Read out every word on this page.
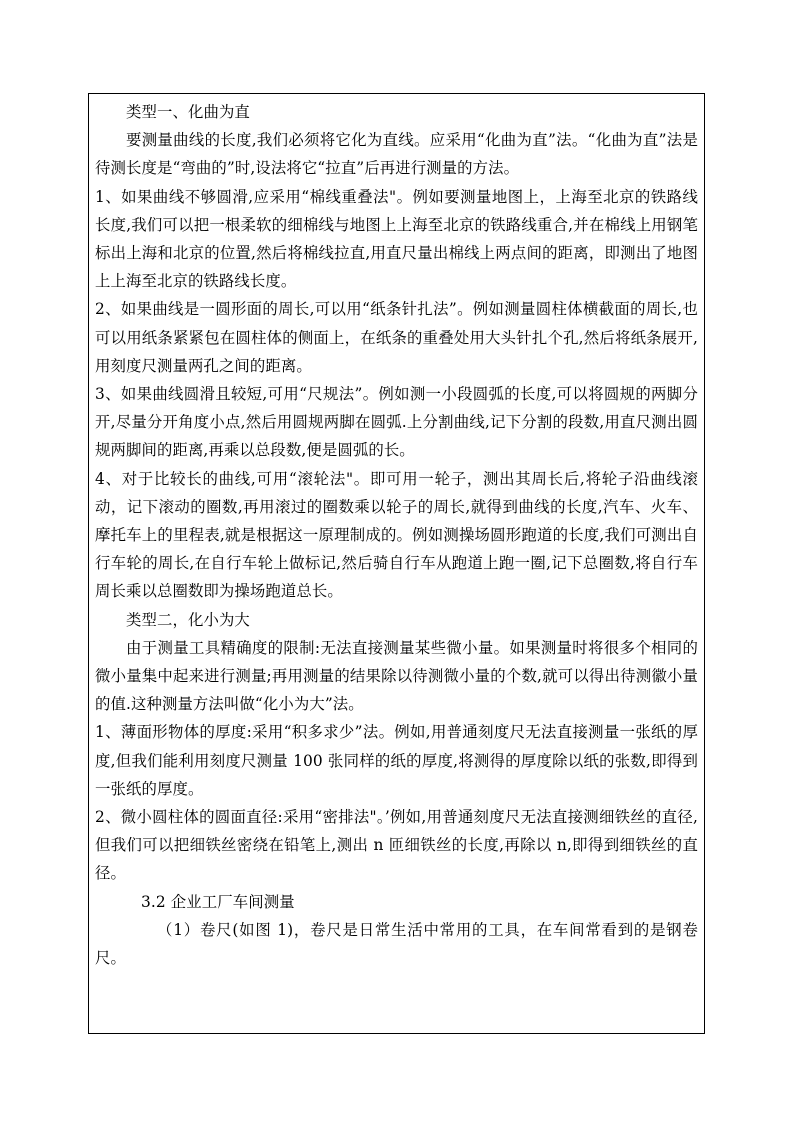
类型一、化曲为直

要测量曲线的长度,我们必须将它化为直线。应采用“化曲为直”法。“化曲为直”法是待测长度是“弯曲的”时,设法将它“拉直”后再进行测量的方法。

1、如果曲线不够圆滑,应采用“棉线重叠法"。例如要测量地图上，上海至北京的铁路线长度,我们可以把一根柔软的细棉线与地图上上海至北京的铁路线重合,并在棉线上用钢笔标出上海和北京的位置,然后将棉线拉直,用直尺量出棉线上两点间的距离，即测出了地图上上海至北京的铁路线长度。

2、如果曲线是一圆形面的周长,可以用“纸条针扎法”。例如测量圆柱体横截面的周长,也可以用纸条紧紧包在圆柱体的侧面上，在纸条的重叠处用大头针扎个孔,然后将纸条展开,用刻度尺测量两孔之间的距离。

3、如果曲线圆滑且较短,可用“尺规法”。例如测一小段圆弧的长度,可以将圆规的两脚分开,尽量分开角度小点,然后用圆规两脚在圆弧.上分割曲线,记下分割的段数,用直尺测出圆规两脚间的距离,再乘以总段数,便是圆弧的长。

4、对于比较长的曲线,可用“滚轮法"。即可用一轮子，测出其周长后,将轮子沿曲线滚动，记下滚动的圈数,再用滚过的圈数乘以轮子的周长,就得到曲线的长度,汽车、火车、摩托车上的里程表,就是根据这一原理制成的。例如测操场圆形跑道的长度,我们可测出自行车轮的周长,在自行车轮上做标记,然后骑自行车从跑道上跑一圈,记下总圈数,将自行车周长乘以总圈数即为操场跑道总长。

类型二，化小为大

由于测量工具精确度的限制:无法直接测量某些微小量。如果测量时将很多个相同的微小量集中起来进行测量;再用测量的结果除以待测微小量的个数,就可以得出待测徽小量的值.这种测量方法叫做“化小为大”法。

1、薄面形物体的厚度:采用“积多求少”法。例如,用普通刻度尺无法直接测量一张纸的厚度,但我们能利用刻度尺测量 100 张同样的纸的厚度,将测得的厚度除以纸的张数,即得到一张纸的厚度。

2、微小圆柱体的圆面直径:采用“密排法"。’例如,用普通刻度尺无法直接测细铁丝的直径,但我们可以把细铁丝密绕在铅笔上,测出 n 匝细铁丝的长度,再除以 n,即得到细铁丝的直径。

3.2 企业工厂车间测量

（1）卷尺(如图 1)，卷尺是日常生活中常用的工具，在车间常看到的是钢卷尺。
